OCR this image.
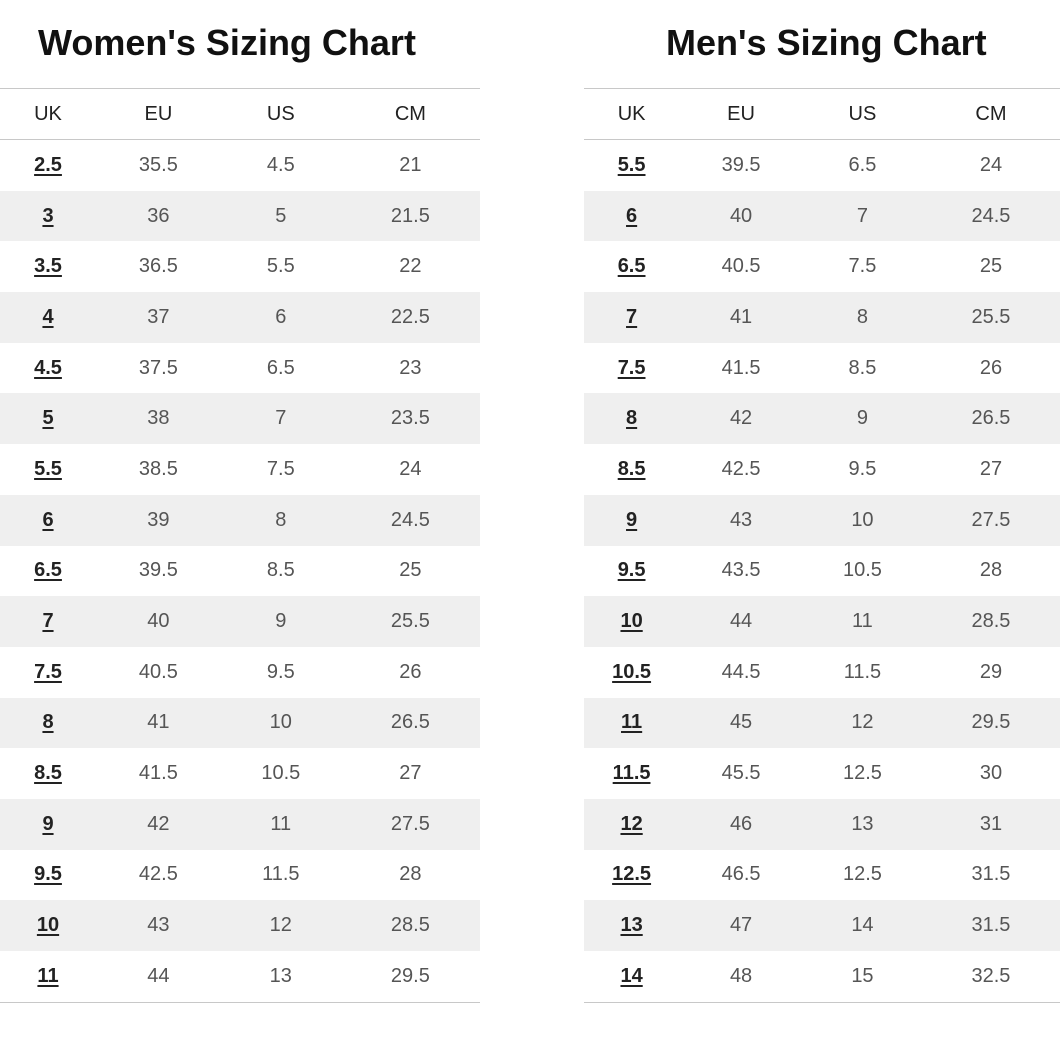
Women's Sizing Chart
UK	EU	US	CM
2.5	35.5	4.5	21
3	36	5	21.5
3.5	36.5	5.5	22
4	37	6	22.5
4.5	37.5	6.5	23
5	38	7	23.5
5.5	38.5	7.5	24
6	39	8	24.5
6.5	39.5	8.5	25
7	40	9	25.5
7.5	40.5	9.5	26
8	41	10	26.5
8.5	41.5	10.5	27
9	42	11	27.5
9.5	42.5	11.5	28
10	43	12	28.5
11	44	13	29.5
Men's Sizing Chart
UK	EU	US	CM
5.5	39.5	6.5	24
6	40	7	24.5
6.5	40.5	7.5	25
7	41	8	25.5
7.5	41.5	8.5	26
8	42	9	26.5
8.5	42.5	9.5	27
9	43	10	27.5
9.5	43.5	10.5	28
10	44	11	28.5
10.5	44.5	11.5	29
11	45	12	29.5
11.5	45.5	12.5	30
12	46	13	31
12.5	46.5	12.5	31.5
13	47	14	31.5
14	48	15	32.5
